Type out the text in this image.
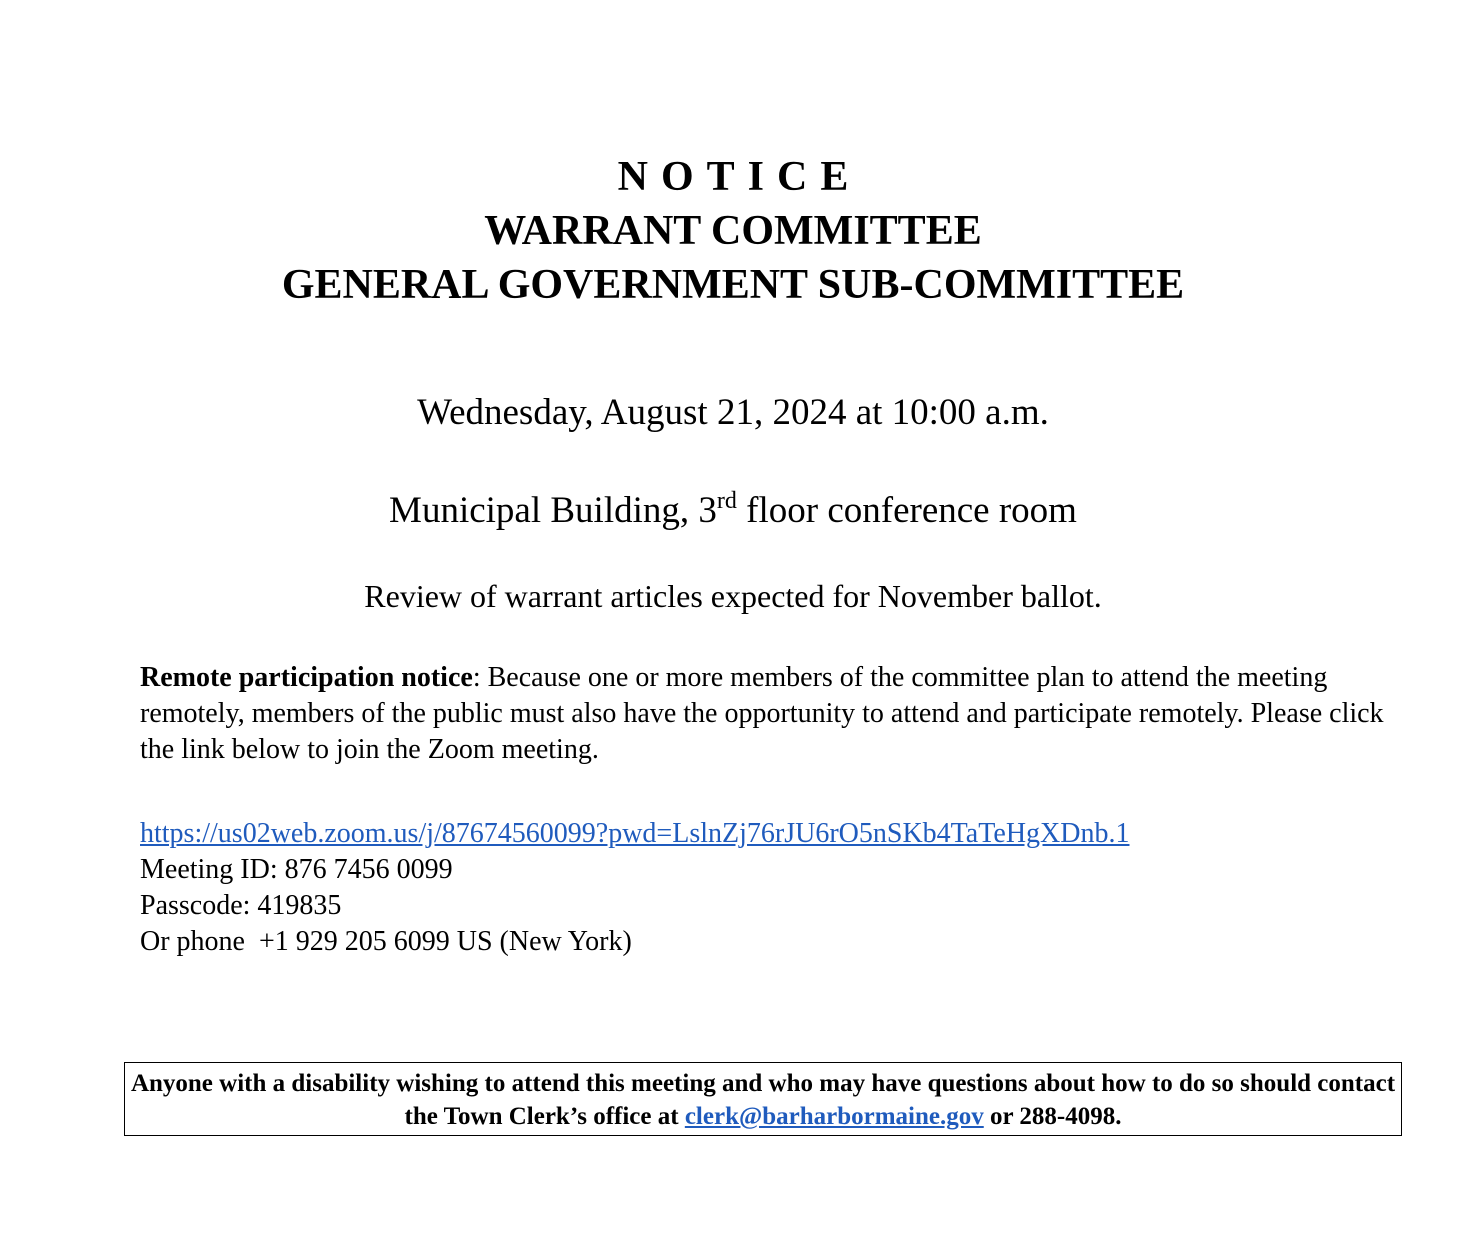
NOTICE
WARRANT COMMITTEE
GENERAL GOVERNMENT SUB-COMMITTEE
Wednesday, August 21, 2024 at 10:00 a.m.
Municipal Building, 3rd floor conference room
Review of warrant articles expected for November ballot.
Remote participation notice: Because one or more members of the committee plan to attend the meeting remotely, members of the public must also have the opportunity to attend and participate remotely. Please click the link below to join the Zoom meeting.
https://us02web.zoom.us/j/87674560099?pwd=LslnZj76rJU6rO5nSKb4TaTeHgXDnb.1
Meeting ID: 876 7456 0099
Passcode: 419835
Or phone  +1 929 205 6099 US (New York)
Anyone with a disability wishing to attend this meeting and who may have questions about how to do so should contact the Town Clerk’s office at clerk@barharbormaine.gov or 288-4098.
